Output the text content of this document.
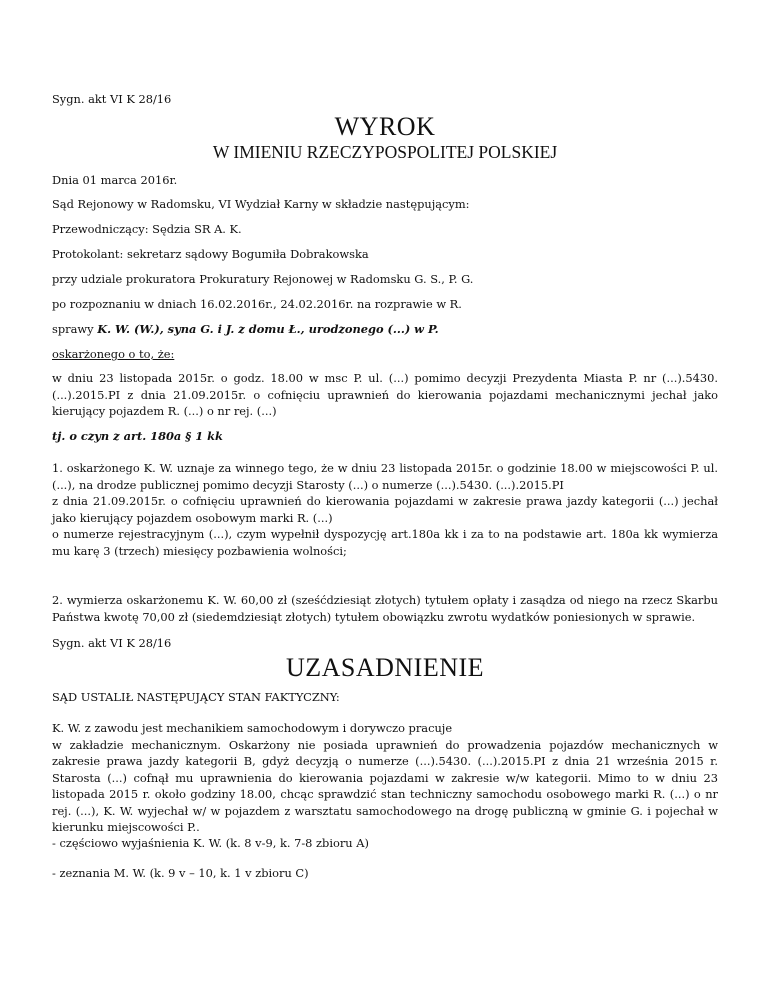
Sygn. akt VI K 28/16

WYROK
W IMIENIU RZECZYPOSPOLITEJ POLSKIEJ

Dnia 01 marca 2016r.

Sąd Rejonowy w Radomsku, VI Wydział Karny w składzie następującym:

Przewodniczący: Sędzia SR A. K.

Protokolant: sekretarz sądowy Bogumiła Dobrakowska

przy udziale prokuratora Prokuratury Rejonowej w Radomsku G. S., P. G.

po rozpoznaniu w dniach 16.02.2016r., 24.02.2016r. na rozprawie w R.

sprawy K. W. (W.), syna G. i J. z domu Ł., urodzonego (...) w P.

oskarżonego o to, że:

w dniu 23 listopada 2015r. o godz. 18.00 w msc P. ul. (...) pomimo decyzji Prezydenta Miasta P. nr (...).5430. (...).2015.PI z dnia 21.09.2015r. o cofnięciu uprawnień do kierowania pojazdami mechanicznymi jechał jako kierujący pojazdem R. (...) o nr rej. (...)

tj. o czyn z art. 180a § 1 kk

1. oskarżonego K. W. uznaje za winnego tego, że w dniu 23 listopada 2015r. o godzinie 18.00 w miejscowości P. ul. (...), na drodze publicznej pomimo decyzji Starosty (...) o numerze (...).5430. (...).2015.PI

z dnia 21.09.2015r. o cofnięciu uprawnień do kierowania pojazdami w zakresie prawa jazdy kategorii (...) jechał jako kierujący pojazdem osobowym marki R. (...)

o numerze rejestracyjnym (...), czym wypełnił dyspozycję art.180a kk i za to na podstawie art. 180a kk wymierza mu karę 3 (trzech) miesięcy pozbawienia wolności;

2. wymierza oskarżonemu K. W. 60,00 zł (sześćdziesiąt złotych) tytułem opłaty i zasądza od niego na rzecz Skarbu Państwa kwotę 70,00 zł (siedemdziesiąt złotych) tytułem obowiązku zwrotu wydatków poniesionych w sprawie.

Sygn. akt VI K 28/16

UZASADNIENIE

SĄD USTALIŁ NASTĘPUJĄCY STAN FAKTYCZNY:

K. W. z zawodu jest mechanikiem samochodowym i dorywczo pracuje

w zakładzie mechanicznym. Oskarżony nie posiada uprawnień do prowadzenia pojazdów mechanicznych w zakresie prawa jazdy kategorii B, gdyż decyzją o numerze (...).5430. (...).2015.PI z dnia 21 września 2015 r. Starosta (...) cofnął mu uprawnienia do kierowania pojazdami w zakresie w/w kategorii. Mimo to w dniu 23 listopada 2015 r. około godziny 18.00, chcąc sprawdzić stan techniczny samochodu osobowego marki R. (...) o nr rej. (...), K. W. wyjechał w/ w pojazdem z warsztatu samochodowego na drogę publiczną w gminie G. i pojechał w kierunku miejscowości P..

- częściowo wyjaśnienia K. W. (k. 8 v-9, k. 7-8 zbioru A)

- zeznania M. W. (k. 9 v – 10, k. 1 v zbioru C)
